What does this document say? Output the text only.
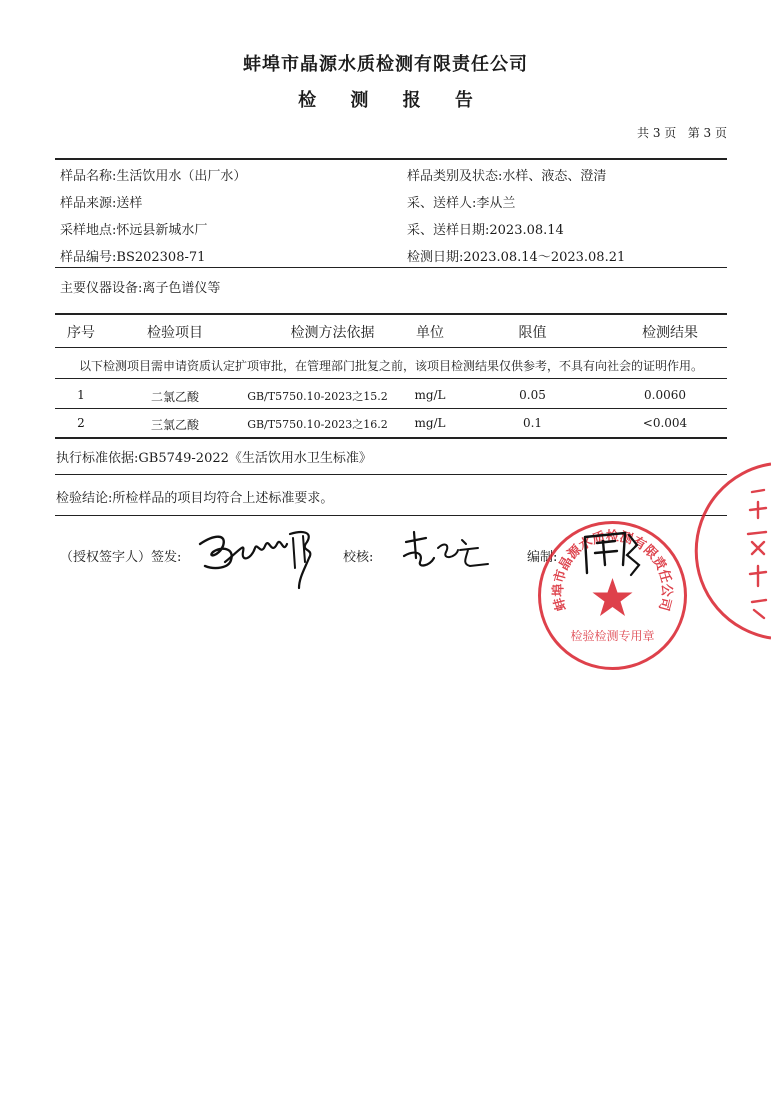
蚌埠市晶源水质检测有限责任公司
检 测 报 告
共 3 页   第 3 页
样品名称:生活饮用水（出厂水）	样品类别及状态:水样、液态、澄清
样品来源:送样	采、送样人:李从兰
采样地点:怀远县新城水厂	采、送样日期:2023.08.14
样品编号:BS202308-71	检测日期:2023.08.14～2023.08.21
主要仪器设备:离子色谱仪等
序号	检验项目	检测方法依据	单位	限值	检测结果
以下检测项目需申请资质认定扩项审批，在管理部门批复之前，该项目检测结果仅供参考，不具有向社会的证明作用。
1	二氯乙酸	GB/T5750.10-2023之15.2	mg/L	0.05	0.0060
2	三氯乙酸	GB/T5750.10-2023之16.2	mg/L	0.1	<0.004
执行标准依据:GB5749-2022《生活饮用水卫生标准》
检验结论:所检样品的项目均符合上述标准要求。
（授权签字人）签发:	校核:	编制:
蚌埠市晶源水质检测有限责任公司
检验检测专用章
